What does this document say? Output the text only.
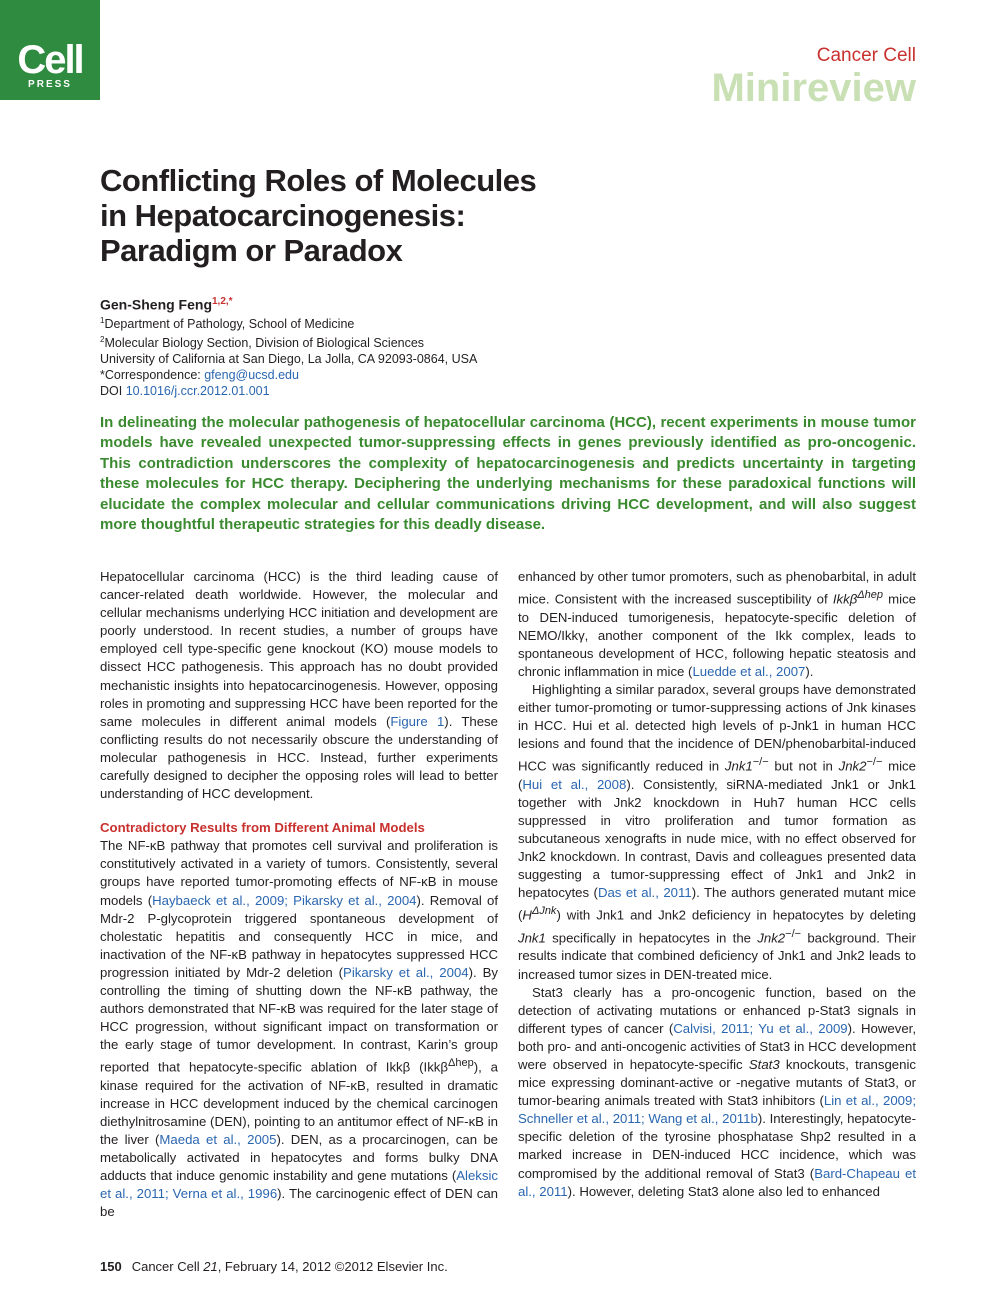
Cell
PRESS
Cancer Cell
Minireview
Conflicting Roles of Molecules
in Hepatocarcinogenesis:
Paradigm or Paradox
Gen-Sheng Feng$^{1,2,*}$
$^1$Department of Pathology, School of Medicine
$^2$Molecular Biology Section, Division of Biological Sciences
University of California at San Diego, La Jolla, CA 92093-0864, USA
*Correspondence: gfeng@ucsd.edu
DOI 10.1016/j.ccr.2012.01.001
In delineating the molecular pathogenesis of hepatocellular carcinoma (HCC), recent experiments in mouse tumor models have revealed unexpected tumor-suppressing effects in genes previously identified as pro-oncogenic. This contradiction underscores the complexity of hepatocarcinogenesis and predicts uncertainty in targeting these molecules for HCC therapy. Deciphering the underlying mechanisms for these paradoxical functions will elucidate the complex molecular and cellular communications driving HCC development, and will also suggest more thoughtful therapeutic strategies for this deadly disease.

Hepatocellular carcinoma (HCC) is the third leading cause of cancer-related death worldwide. However, the molecular and cellular mechanisms underlying HCC initiation and development are poorly understood. In recent studies, a number of groups have employed cell type-specific gene knockout (KO) mouse models to dissect HCC pathogenesis. This approach has no doubt provided mechanistic insights into hepatocarcinogenesis. However, opposing roles in promoting and suppressing HCC have been reported for the same molecules in different animal models (Figure 1). These conflicting results do not necessarily obscure the understanding of molecular pathogenesis in HCC. Instead, further experiments carefully designed to decipher the opposing roles will lead to better understanding of HCC development.

Contradictory Results from Different Animal Models

The NF-κB pathway that promotes cell survival and proliferation is constitutively activated in a variety of tumors. Consistently, several groups have reported tumor-promoting effects of NF-κB in mouse models (Haybaeck et al., 2009; Pikarsky et al., 2004). Removal of Mdr-2 P-glycoprotein triggered spontaneous development of cholestatic hepatitis and consequently HCC in mice, and inactivation of the NF-κB pathway in hepatocytes suppressed HCC progression initiated by Mdr-2 deletion (Pikarsky et al., 2004). By controlling the timing of shutting down the NF-κB pathway, the authors demonstrated that NF-κB was required for the later stage of HCC progression, without significant impact on transformation or the early stage of tumor development. In contrast, Karin’s group reported that hepatocyte-specific ablation of Ikkβ (Ikkβ$^{\Delta hep}$), a kinase required for the activation of NF-κB, resulted in dramatic increase in HCC development induced by the chemical carcinogen diethylnitrosamine (DEN), pointing to an antitumor effect of NF-κB in the liver (Maeda et al., 2005). DEN, as a procarcinogen, can be metabolically activated in hepatocytes and forms bulky DNA adducts that induce genomic instability and gene mutations (Aleksic et al., 2011; Verna et al., 1996). The carcinogenic effect of DEN can be

enhanced by other tumor promoters, such as phenobarbital, in adult mice. Consistent with the increased susceptibility of Ikkβ$^{\Delta hep}$ mice to DEN-induced tumorigenesis, hepatocyte-specific deletion of NEMO/Ikkγ, another component of the Ikk complex, leads to spontaneous development of HCC, following hepatic steatosis and chronic inflammation in mice (Luedde et al., 2007).

Highlighting a similar paradox, several groups have demonstrated either tumor-promoting or tumor-suppressing actions of Jnk kinases in HCC. Hui et al. detected high levels of p-Jnk1 in human HCC lesions and found that the incidence of DEN/phenobarbital-induced HCC was significantly reduced in Jnk1−/− but not in Jnk2−/− mice (Hui et al., 2008). Consistently, siRNA-mediated Jnk1 or Jnk1 together with Jnk2 knockdown in Huh7 human HCC cells suppressed in vitro proliferation and tumor formation as subcutaneous xenografts in nude mice, with no effect observed for Jnk2 knockdown. In contrast, Davis and colleagues presented data suggesting a tumor-suppressing effect of Jnk1 and Jnk2 in hepatocytes (Das et al., 2011). The authors generated mutant mice $(H^{\Delta Jnk})$ with Jnk1 and Jnk2 deficiency in hepatocytes by deleting Jnk1 specifically in hepatocytes in the Jnk2−/− background. Their results indicate that combined deficiency of Jnk1 and Jnk2 leads to increased tumor sizes in DEN-treated mice.

Stat3 clearly has a pro-oncogenic function, based on the detection of activating mutations or enhanced p-Stat3 signals in different types of cancer (Calvisi, 2011; Yu et al., 2009). However, both pro- and anti-oncogenic activities of Stat3 in HCC development were observed in hepatocyte-specific Stat3 knockouts, transgenic mice expressing dominant-active or -negative mutants of Stat3, or tumor-bearing animals treated with Stat3 inhibitors (Lin et al., 2009; Schneller et al., 2011; Wang et al., 2011b). Interestingly, hepatocyte-specific deletion of the tyrosine phosphatase Shp2 resulted in a marked increase in DEN-induced HCC incidence, which was compromised by the additional removal of Stat3 (Bard-Chapeau et al., 2011). However, deleting Stat3 alone also led to enhanced

150 Cancer Cell 21, February 14, 2012 ©2012 Elsevier Inc.
